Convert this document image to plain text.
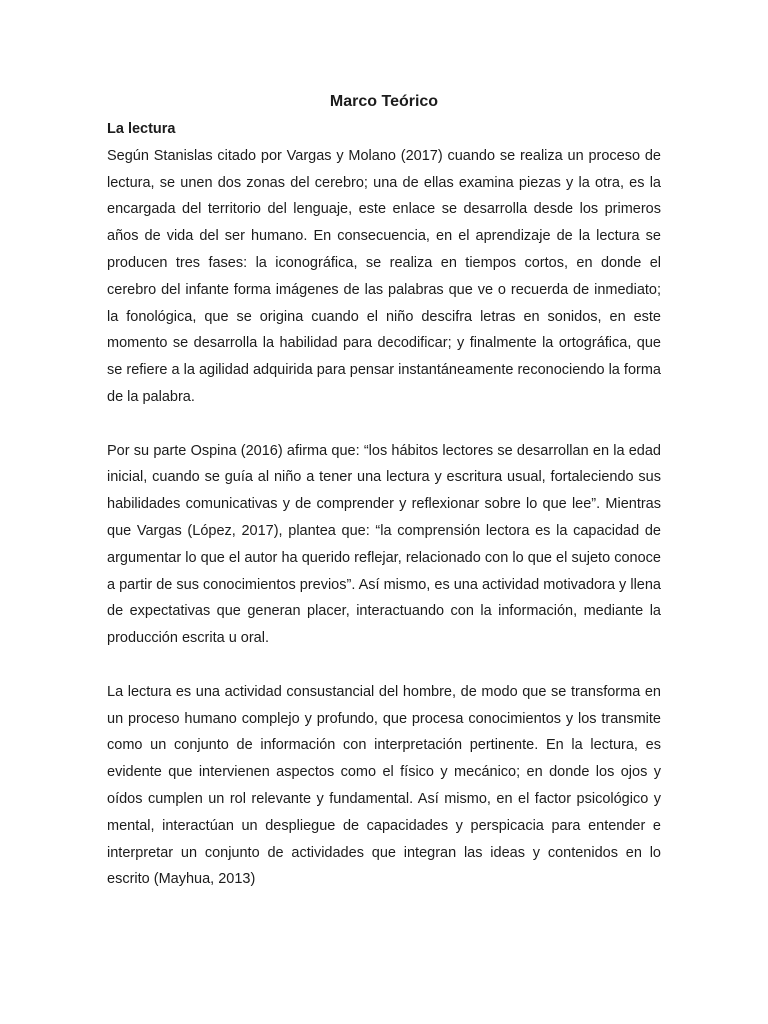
Marco Teórico
La lectura

Según Stanislas citado por Vargas y Molano (2017) cuando se realiza un proceso de lectura, se unen dos zonas del cerebro; una de ellas examina piezas y la otra, es la encargada del territorio del lenguaje, este enlace se desarrolla desde los primeros años de vida del ser humano. En consecuencia, en el aprendizaje de la lectura se producen tres fases: la iconográfica, se realiza en tiempos cortos, en donde el cerebro del infante forma imágenes de las palabras que ve o recuerda de inmediato; la fonológica, que se origina cuando el niño descifra letras en sonidos, en este momento se desarrolla la habilidad para decodificar; y finalmente la ortográfica, que se refiere a la agilidad adquirida para pensar instantáneamente reconociendo la forma de la palabra.

Por su parte Ospina (2016) afirma que: “los hábitos lectores se desarrollan en la edad inicial, cuando se guía al niño a tener una lectura y escritura usual, fortaleciendo sus habilidades comunicativas y de comprender y reflexionar sobre lo que lee”. Mientras que Vargas (López, 2017), plantea que: “la comprensión lectora es la capacidad de argumentar lo que el autor ha querido reflejar, relacionado con lo que el sujeto conoce a partir de sus conocimientos previos”. Así mismo, es una actividad motivadora y llena de expectativas que generan placer, interactuando con la información, mediante la producción escrita u oral.

La lectura es una actividad consustancial del hombre, de modo que se transforma en un proceso humano complejo y profundo, que procesa conocimientos y los transmite como un conjunto de información con interpretación pertinente. En la lectura, es evidente que intervienen aspectos como el físico y mecánico; en donde los ojos y oídos cumplen un rol relevante y fundamental. Así mismo, en el factor psicológico y mental, interactúan un despliegue de capacidades y perspicacia para entender e interpretar un conjunto de actividades que integran las ideas y contenidos en lo escrito (Mayhua, 2013)
